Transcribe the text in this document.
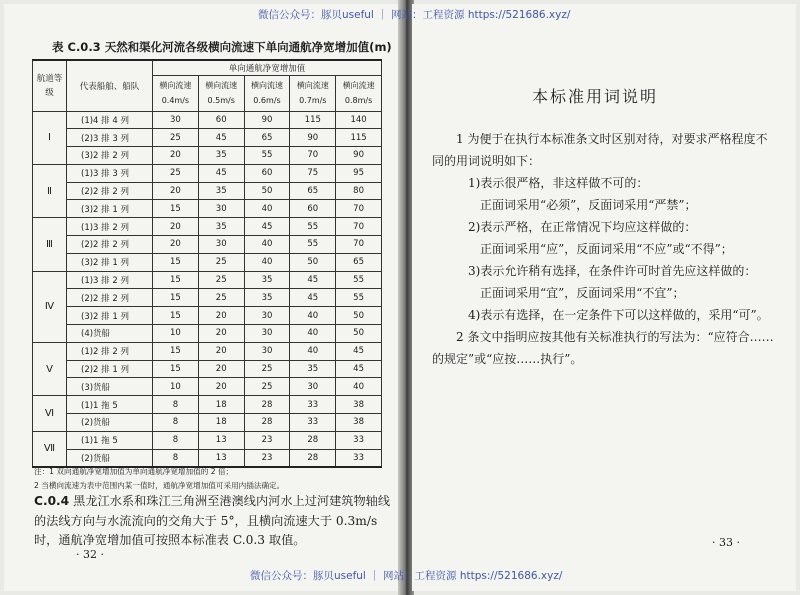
表 C.0.3 天然和渠化河流各级横向流速下单向通航净宽增加值(m)
航道等级	代表船舶、船队	单向通航净宽增加值				
		横向流速 0.4m/s	横向流速 0.5m/s	横向流速 0.6m/s	横向流速 0.7m/s	横向流速 0.8m/s
Ⅰ	(1)4 排 4 列	30	60	90	115	140
	(2)3 排 3 列	25	45	65	90	115
	(3)2 排 2 列	20	35	55	70	90
Ⅱ	(1)3 排 3 列	25	45	60	75	95
	(2)2 排 2 列	20	35	50	65	80
	(3)2 排 1 列	15	30	40	60	70
Ⅲ	(1)3 排 2 列	20	35	45	55	70
	(2)2 排 2 列	20	30	40	55	70
	(3)2 排 1 列	15	25	40	50	65
Ⅳ	(1)3 排 2 列	15	25	35	45	55
	(2)2 排 2 列	15	25	35	45	55
	(3)2 排 1 列	15	20	30	40	50
	(4)货船	10	20	30	40	50
Ⅴ	(1)2 排 2 列	15	20	30	40	45
	(2)2 排 1 列	15	20	25	35	45
	(3)货船	10	20	25	30	40
Ⅵ	(1)1 拖 5	8	18	28	33	38
	(2)货船	8	18	28	33	38
Ⅶ	(1)1 拖 5	8	13	23	28	33
	(2)货船	8	13	23	28	33
注：1 双向通航净宽增加值为单向通航净宽增加值的 2 倍；
2 当横向流速为表中范围内某一值时，通航净宽增加值可采用内插法确定。
C.0.4 黑龙江水系和珠江三角洲至港澳线内河水上过河建筑物轴线的法线方向与水流流向的交角大于 5°，且横向流速大于 0.3m/s 时，通航净宽增加值可按照本标准表 C.0.3 取值。
· 32 ·
本标准用词说明

1 为便于在执行本标准条文时区别对待，对要求严格程度不

同的用词说明如下：

1)表示很严格，非这样做不可的：

正面词采用“必须”，反面词采用“严禁”；

2)表示严格，在正常情况下均应这样做的：

正面词采用“应”，反面词采用“不应”或“不得”；

3)表示允许稍有选择，在条件许可时首先应这样做的：

正面词采用“宜”，反面词采用“不宜”；

4)表示有选择，在一定条件下可以这样做的，采用“可”。

2 条文中指明应按其他有关标准执行的写法为：“应符合……

的规定”或“应按……执行”。

· 33 ·
微信公众号：豚贝useful ｜ 网站：工程资源 https://521686.xyz/
微信公众号：豚贝useful ｜ 网站：工程资源 https://521686.xyz/
